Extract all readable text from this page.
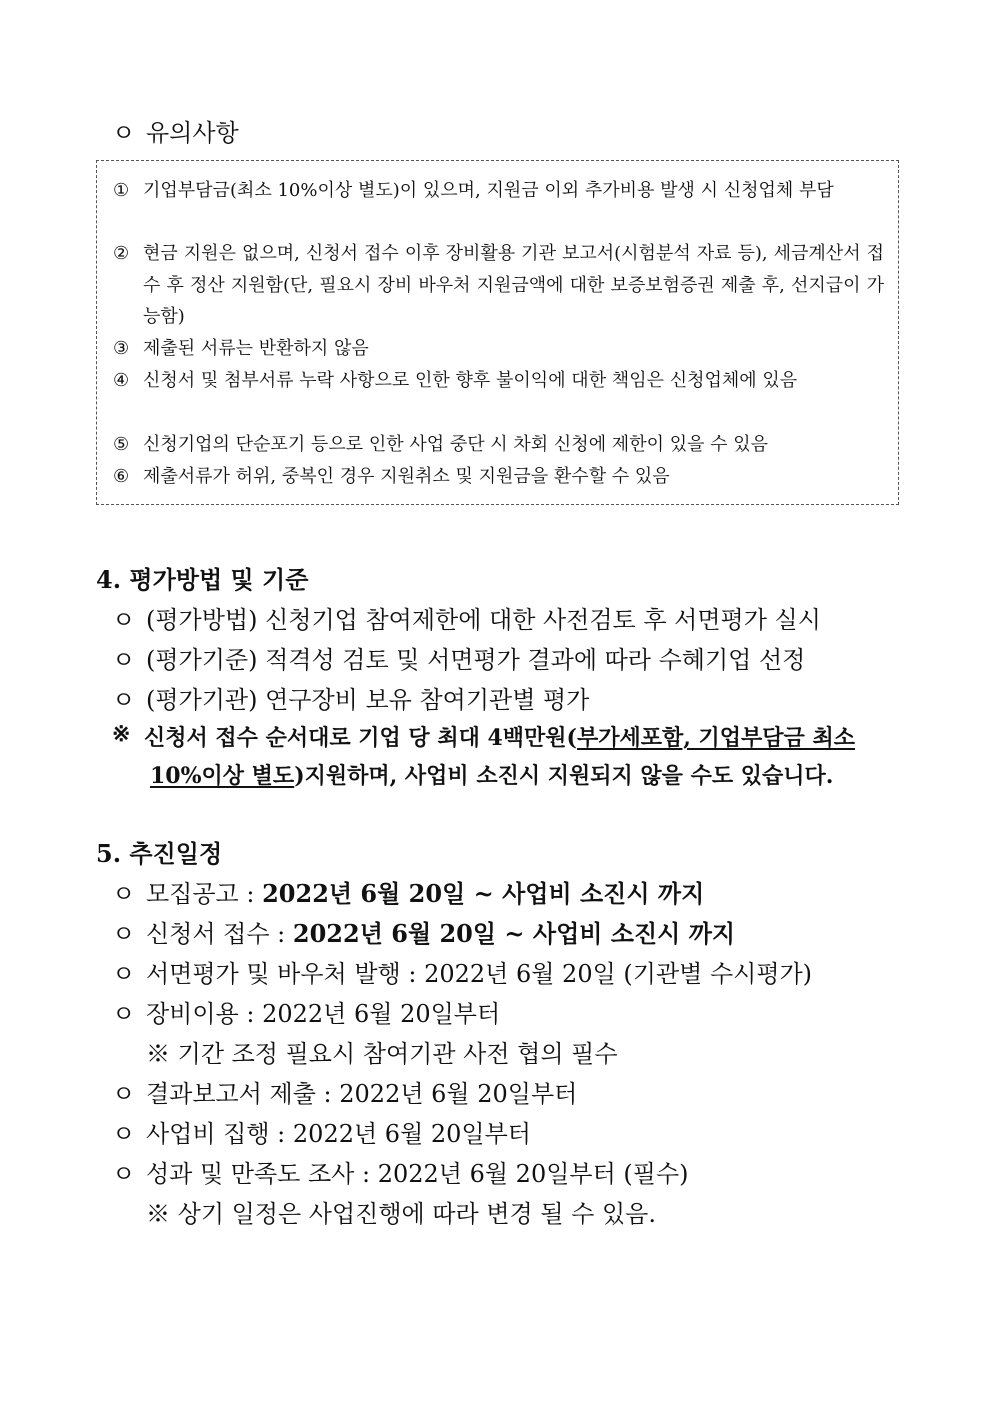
ㅇ 유의사항
① 기업부담금(최소 10%이상 별도)이 있으며, 지원금 이외 추가비용 발생 시 신청업체 부담
② 현금 지원은 없으며, 신청서 접수 이후 장비활용 기관 보고서(시험분석 자료 등), 세금계산서 접수 후 정산 지원함(단, 필요시 장비 바우처 지원금액에 대한 보증보험증권 제출 후, 선지급이 가능함)
③ 제출된 서류는 반환하지 않음
④ 신청서 및 첨부서류 누락 사항으로 인한 향후 불이익에 대한 책임은 신청업체에 있음
⑤ 신청기업의 단순포기 등으로 인한 사업 중단 시 차회 신청에 제한이 있을 수 있음
⑥ 제출서류가 허위, 중복인 경우 지원취소 및 지원금을 환수할 수 있음
4. 평가방법 및 기준
ㅇ (평가방법) 신청기업 참여제한에 대한 사전검토 후 서면평가 실시
ㅇ (평가기준) 적격성 검토 및 서면평가 결과에 따라 수혜기업 선정
ㅇ (평가기관) 연구장비 보유 참여기관별 평가
※ 신청서 접수 순서대로 기업 당 최대 4백만원(부가세포함, 기업부담금 최소
10%이상 별도)지원하며, 사업비 소진시 지원되지 않을 수도 있습니다.
5. 추진일정
ㅇ 모집공고 : 2022년 6월 20일 ~ 사업비 소진시 까지
ㅇ 신청서 접수 : 2022년 6월 20일 ~ 사업비 소진시 까지
ㅇ 서면평가 및 바우처 발행 : 2022년 6월 20일 (기관별 수시평가)
ㅇ 장비이용 : 2022년 6월 20일부터
※ 기간 조정 필요시 참여기관 사전 협의 필수
ㅇ 결과보고서 제출 : 2022년 6월 20일부터
ㅇ 사업비 집행 : 2022년 6월 20일부터
ㅇ 성과 및 만족도 조사 : 2022년 6월 20일부터 (필수)
※ 상기 일정은 사업진행에 따라 변경 될 수 있음.
